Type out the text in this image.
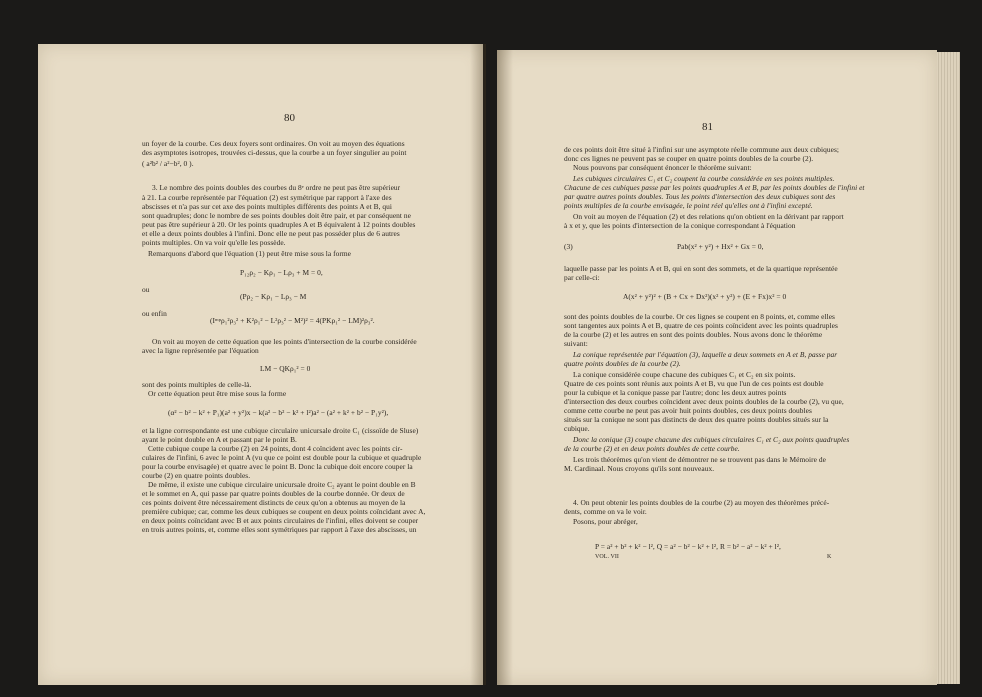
80
un foyer de la courbe. Ces deux foyers sont ordinaires. On voit au moyen des équations
des asymptotes isotropes, trouvées ci-dessus, que la courbe a un foyer singulier au point
( a²b² / a²−b², 0 ).
3. Le nombre des points doubles des courbes du 8ᵉ ordre ne peut pas être supérieur
à 21. La courbe représentée par l'équation (2) est symétrique par rapport à l'axe des
abscisses et n'a pas sur cet axe des points multiples différents des points A et B, qui
sont quadruples; donc le nombre de ses points doubles doit être pair, et par conséquent ne
peut pas être supérieur à 20. Or les points quadruples A et B équivalent à 12 points doubles
et elle a deux points doubles à l'infini. Donc elle ne peut pas posséder plus de 6 autres
points multiples. On va voir qu'elle les possède.
Remarquons d'abord que l'équation (1) peut être mise sous la forme
P₁₂ρ₂ − Kρ₁ − Lρ₃ + M = 0,
ou
(Pρ₂ − Kρ₁ − Lρ₃ − M
ou enfin
(Iᵐᵖρ₁²ρ₃² + K²ρ₁² − L²ρ₃² − M²)² = 4(PKρ₁² − LM)²ρ₃².
On voit au moyen de cette équation que les points d'intersection de la courbe considérée
avec la ligne représentée par l'équation
LM − QKρ₁² = 0
sont des points multiples de celle-là.
Or cette équation peut être mise sous la forme
(α² − b² − k² + P₁)(a² + y²)x − k(a² − b² − k² + l²)a² − (a² + k² + b² − P₁y²),
et la ligne correspondante est une cubique circulaire unicursale droite C₁ (cissoïde de Sluse)
ayant le point double en A et passant par le point B.
Cette cubique coupe la courbe (2) en 24 points, dont 4 coïncident avec les points cir-
culaires de l'infini, 6 avec le point A (vu que ce point est double pour la cubique et quadruple
pour la courbe envisagée) et quatre avec le point B. Donc la cubique doit encore couper la
courbe (2) en quatre points doubles.
De même, il existe une cubique circulaire unicursale droite C₂ ayant le point double en B
et le sommet en A, qui passe par quatre points doubles de la courbe donnée. Or deux de
ces points doivent être nécessairement distincts de ceux qu'on a obtenus au moyen de la
première cubique; car, comme les deux cubiques se coupent en deux points coïncidant avec A,
en deux points coïncidant avec B et aux points circulaires de l'infini, elles doivent se couper
en trois autres points, et, comme elles sont symétriques par rapport à l'axe des abscisses, un
81
de ces points doit être situé à l'infini sur une asymptote réelle commune aux deux cubiques;
donc ces lignes ne peuvent pas se couper en quatre points doubles de la courbe (2).
Nous pouvons par conséquent énoncer le théorème suivant:
Les cubiques circulaires C₁ et C₂ coupent la courbe considérée en ses points multiples.
Chacune de ces cubiques passe par les points quadruples A et B, par les points doubles de l'infini et
par quatre autres points doubles. Tous les points d'intersection des deux cubiques sont des
points multiples de la courbe envisagée, le point réel qu'elles ont à l'infini excepté.
On voit au moyen de l'équation (2) et des relations qu'on obtient en la dérivant par rapport
à x et y, que les points d'intersection de la conique correspondant à l'équation
(3)	Pab(x² + y²) + Hx² + Gx = 0,
laquelle passe par les points A et B, qui en sont des sommets, et de la quartique représentée
par celle-ci:
A(x² + y²)² + (B + Cx + Dx²)(x² + y²) + (E + Fx)x² = 0
sont des points doubles de la courbe. Or ces lignes se coupent en 8 points, et, comme elles
sont tangentes aux points A et B, quatre de ces points coïncident avec les points quadruples
de la courbe (2) et les autres en sont des points doubles. Nous avons donc le théorème
suivant:
La conique représentée par l'équation (3), laquelle a deux sommets en A et B, passe par
quatre points doubles de la courbe (2).
La conique considérée coupe chacune des cubiques C₁ et C₂ en six points.
Quatre de ces points sont réunis aux points A et B, vu que l'un de ces points est double
pour la cubique et la conique passe par l'autre; donc les deux autres points
d'intersection des deux courbes coïncident avec deux points doubles de la courbe (2), vu que,
comme cette courbe ne peut pas avoir huit points doubles, ces deux points doubles
situés sur la conique ne sont pas distincts de deux des quatre points doubles situés sur la
cubique.
Donc la conique (3) coupe chacune des cubiques circulaires C₁ et C₂ aux points quadruples
de la courbe (2) et en deux points doubles de cette courbe.
Les trois théorèmes qu'on vient de démontrer ne se trouvent pas dans le Mémoire de
M. Cardinaal. Nous croyons qu'ils sont nouveaux.
4. On peut obtenir les points doubles de la courbe (2) au moyen des théorèmes précé-
dents, comme on va le voir.
Posons, pour abréger,
P = a² + b² + k² − l², Q = a² − b² − k² + l², R = b² − a² − k² + l²,
VOL. VII	K
